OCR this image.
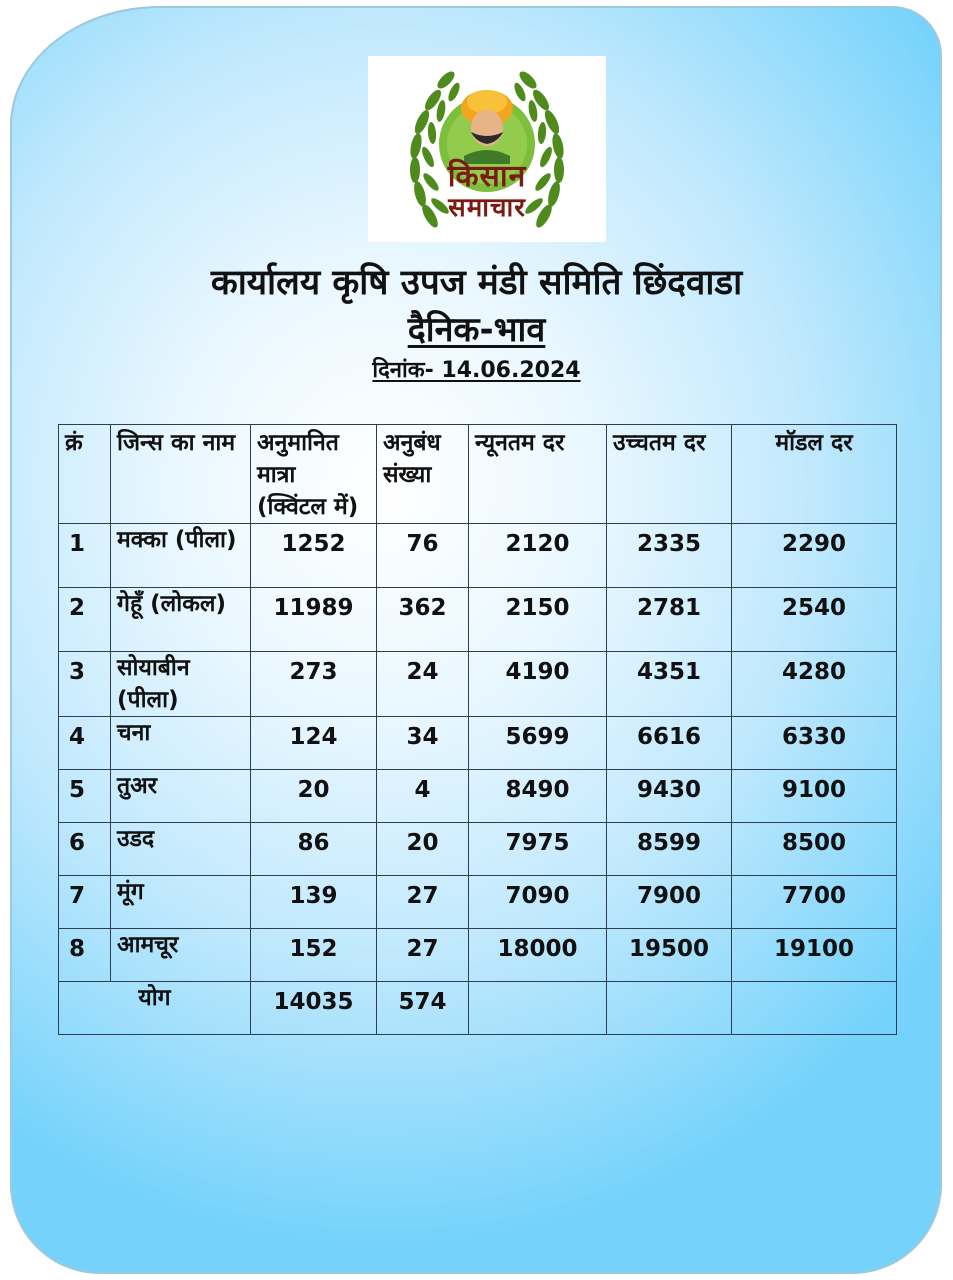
किसान
समाचार
कार्यालय कृषि उपज मंडी समिति छिंदवाडा
दैनिक-भाव
दिनांक- 14.06.2024
क्रं	जिन्स का नाम	अनुमानित मात्रा (क्विंटल में)	अनुबंध संख्या	न्यूनतम दर	उच्चतम दर	मॉडल दर
1	मक्का (पीला)	1252	76	2120	2335	2290
2	गेहूँ (लोकल)	11989	362	2150	2781	2540
3	सोयाबीन (पीला)	273	24	4190	4351	4280
4	चना	124	34	5699	6616	6330
5	तुअर	20	4	8490	9430	9100
6	उडद	86	20	7975	8599	8500
7	मूंग	139	27	7090	7900	7700
8	आमचूर	152	27	18000	19500	19100
योग		14035	574			
